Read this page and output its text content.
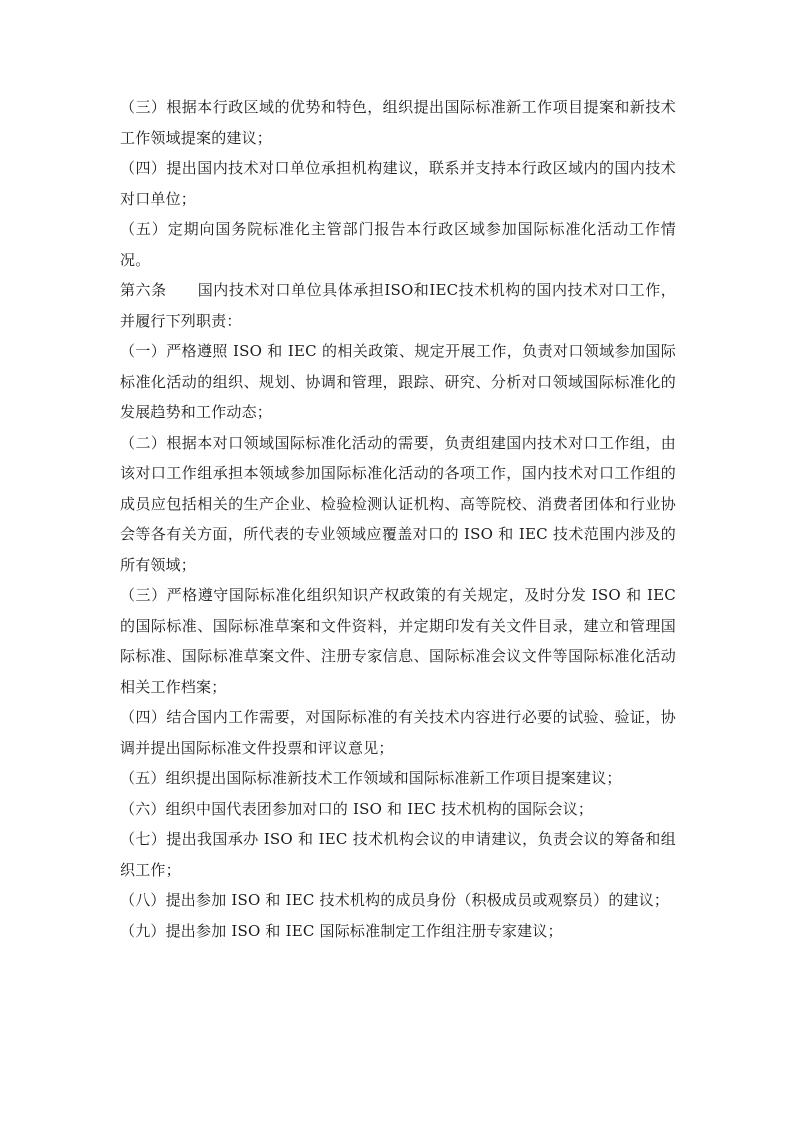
（三）根据本行政区域的优势和特色，组织提出国际标准新工作项目提案和新技术工作领域提案的建议；

（四）提出国内技术对口单位承担机构建议，联系并支持本行政区域内的国内技术对口单位；

（五）定期向国务院标准化主管部门报告本行政区域参加国际标准化活动工作情况。

第六条　　国内技术对口单位具体承担ISO和IEC技术机构的国内技术对口工作，并履行下列职责：

（一）严格遵照 ISO 和 IEC 的相关政策、规定开展工作，负责对口领域参加国际标准化活动的组织、规划、协调和管理，跟踪、研究、分析对口领域国际标准化的发展趋势和工作动态；

（二）根据本对口领域国际标准化活动的需要，负责组建国内技术对口工作组，由该对口工作组承担本领域参加国际标准化活动的各项工作，国内技术对口工作组的成员应包括相关的生产企业、检验检测认证机构、高等院校、消费者团体和行业协会等各有关方面，所代表的专业领域应覆盖对口的 ISO 和 IEC 技术范围内涉及的所有领域；

（三）严格遵守国际标准化组织知识产权政策的有关规定，及时分发 ISO 和 IEC 的国际标准、国际标准草案和文件资料，并定期印发有关文件目录，建立和管理国际标准、国际标准草案文件、注册专家信息、国际标准会议文件等国际标准化活动相关工作档案；

（四）结合国内工作需要，对国际标准的有关技术内容进行必要的试验、验证，协调并提出国际标准文件投票和评议意见；

（五）组织提出国际标准新技术工作领域和国际标准新工作项目提案建议；

（六）组织中国代表团参加对口的 ISO 和 IEC 技术机构的国际会议；

（七）提出我国承办 ISO 和 IEC 技术机构会议的申请建议，负责会议的筹备和组织工作；

（八）提出参加 ISO 和 IEC 技术机构的成员身份（积极成员或观察员）的建议；

（九）提出参加 ISO 和 IEC 国际标准制定工作组注册专家建议；
